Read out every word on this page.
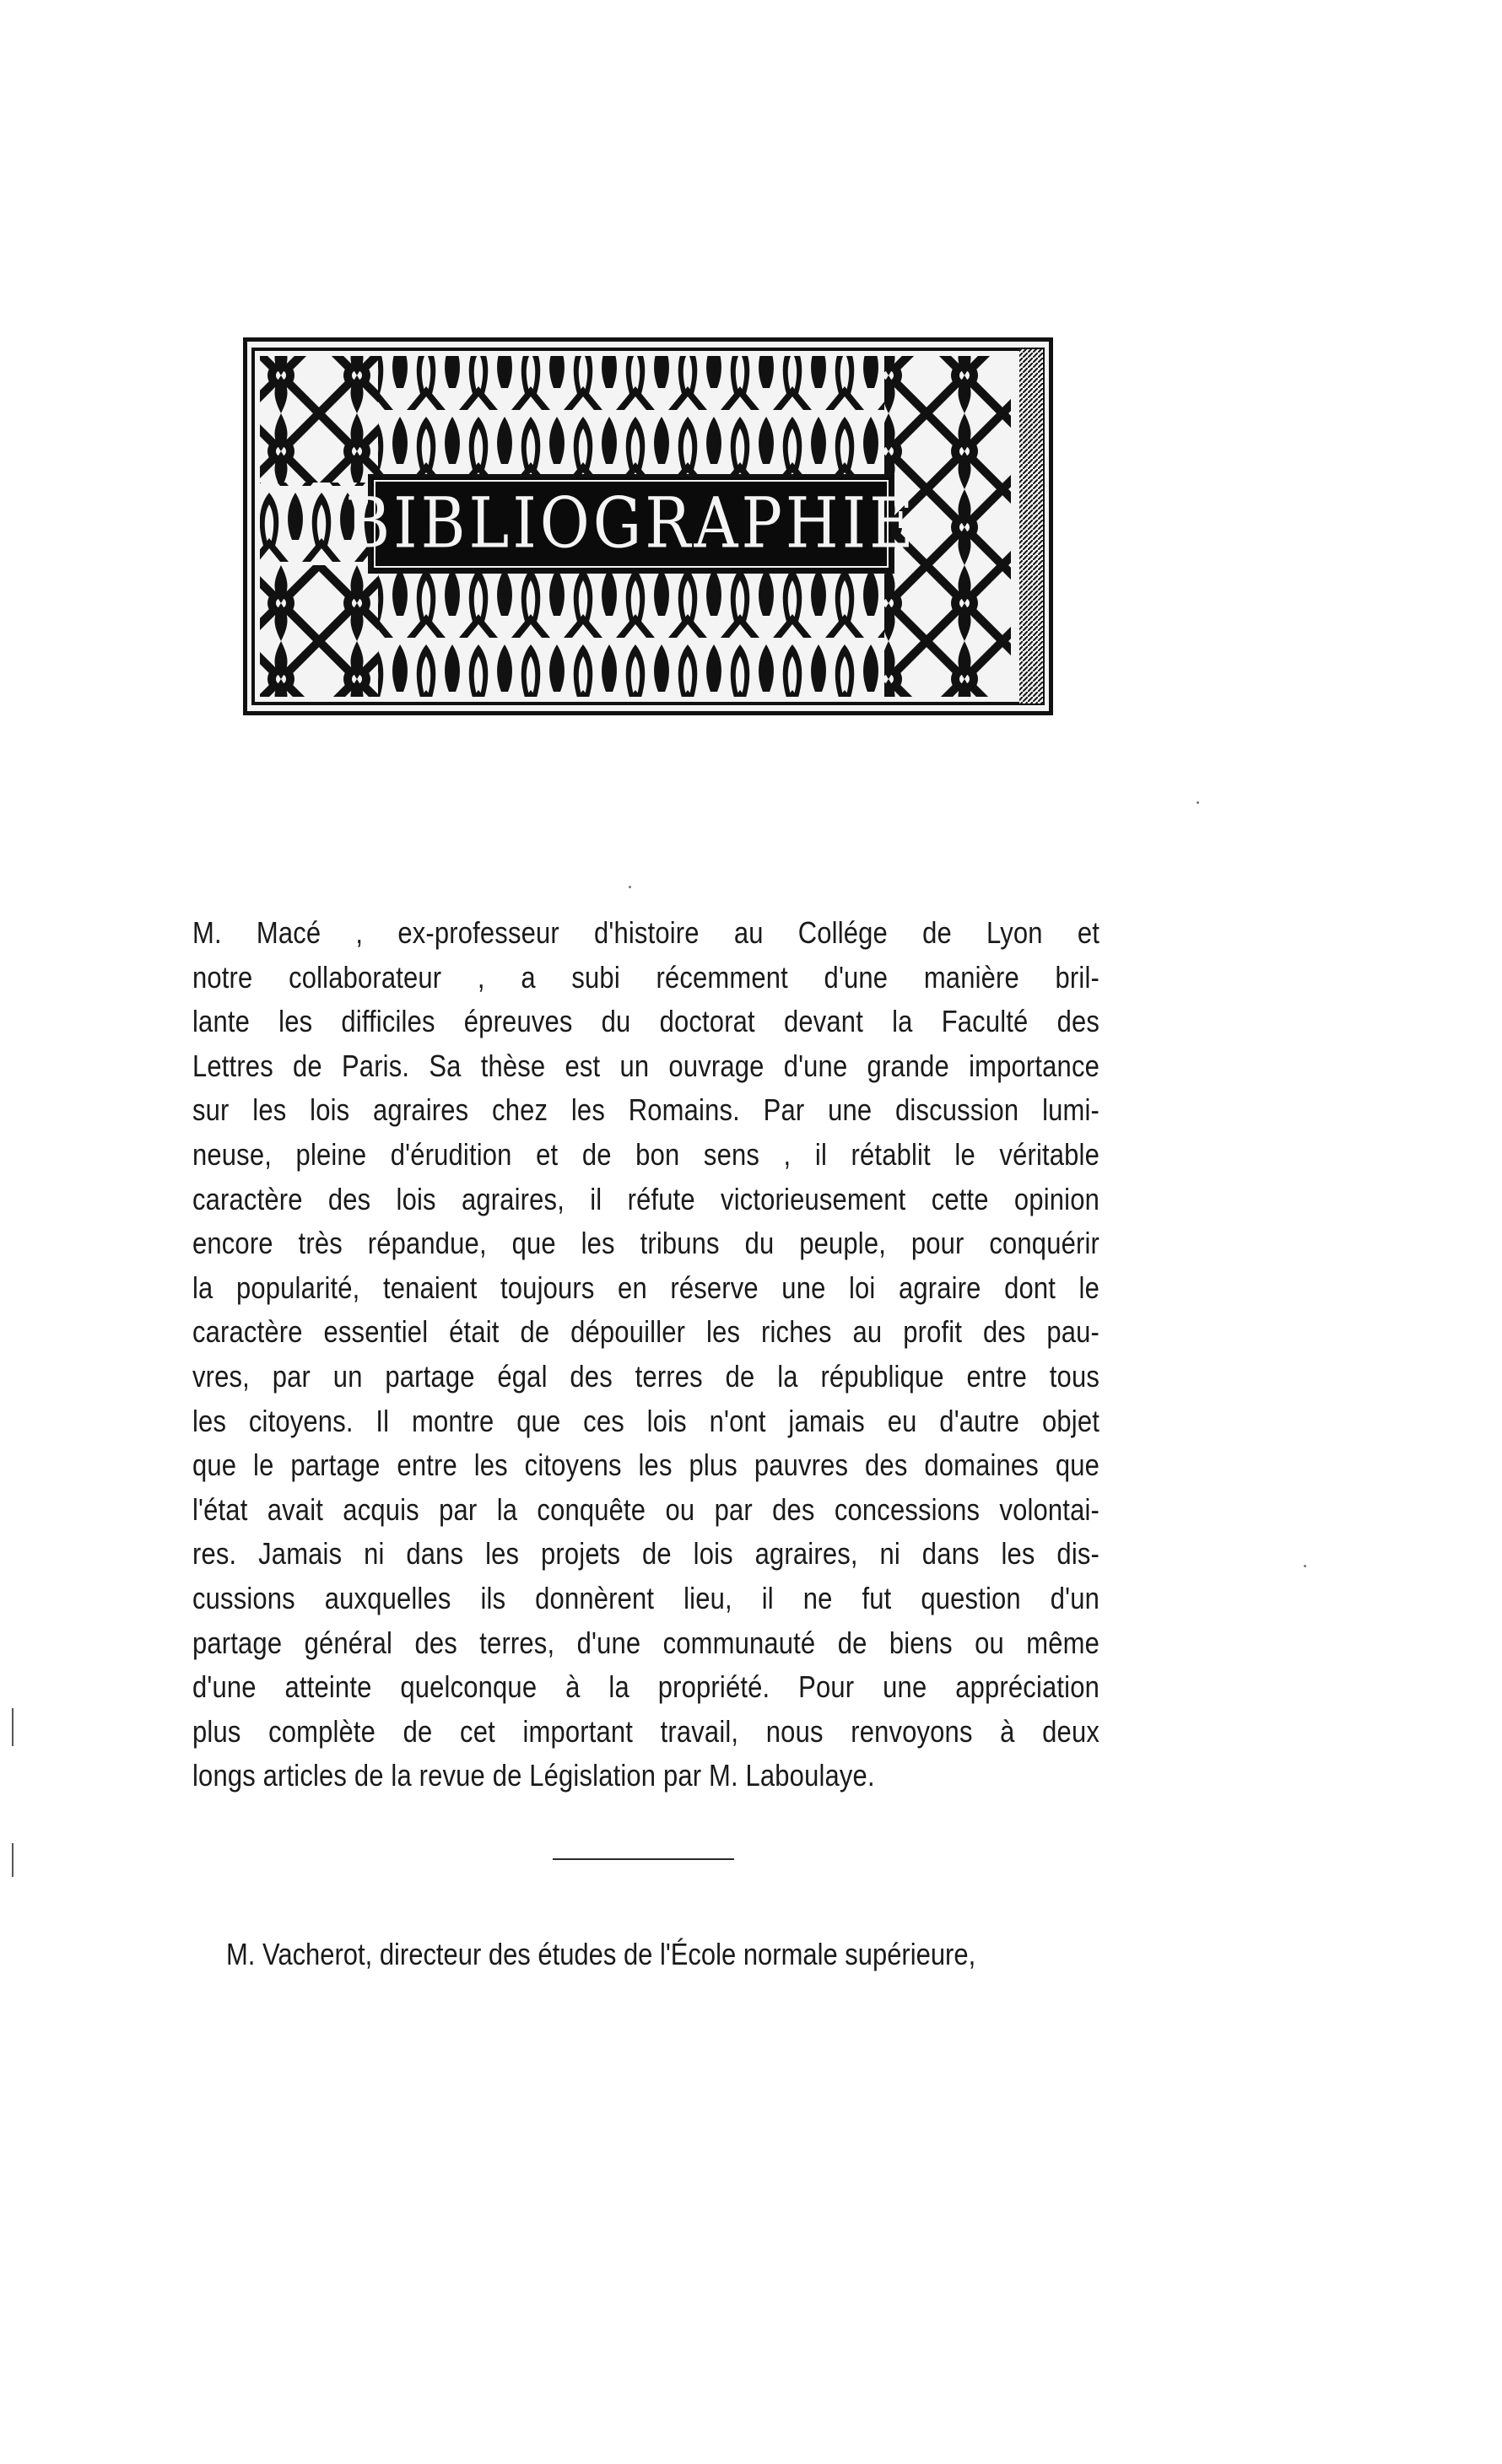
BIBLIOGRAPHIE
M. Macé , ex-professeur d'histoire au Collége de Lyon et
notre collaborateur , a subi récemment d'une manière bril-
lante les difficiles épreuves du doctorat devant la Faculté des
Lettres de Paris. Sa thèse est un ouvrage d'une grande importance
sur les lois agraires chez les Romains. Par une discussion lumi-
neuse, pleine d'érudition et de bon sens , il rétablit le véritable
caractère des lois agraires, il réfute victorieusement cette opinion
encore très répandue, que les tribuns du peuple, pour conquérir
la popularité, tenaient toujours en réserve une loi agraire dont le
caractère essentiel était de dépouiller les riches au profit des pau-
vres, par un partage égal des terres de la république entre tous
les citoyens. Il montre que ces lois n'ont jamais eu d'autre objet
que le partage entre les citoyens les plus pauvres des domaines que
l'état avait acquis par la conquête ou par des concessions volontai-
res. Jamais ni dans les projets de lois agraires, ni dans les dis-
cussions auxquelles ils donnèrent lieu, il ne fut question d'un
partage général des terres, d'une communauté de biens ou même
d'une atteinte quelconque à la propriété. Pour une appréciation
plus complète de cet important travail, nous renvoyons à deux
longs articles de la revue de Législation par M. Laboulaye.
M. Vacherot, directeur des études de l'École normale supérieure,
